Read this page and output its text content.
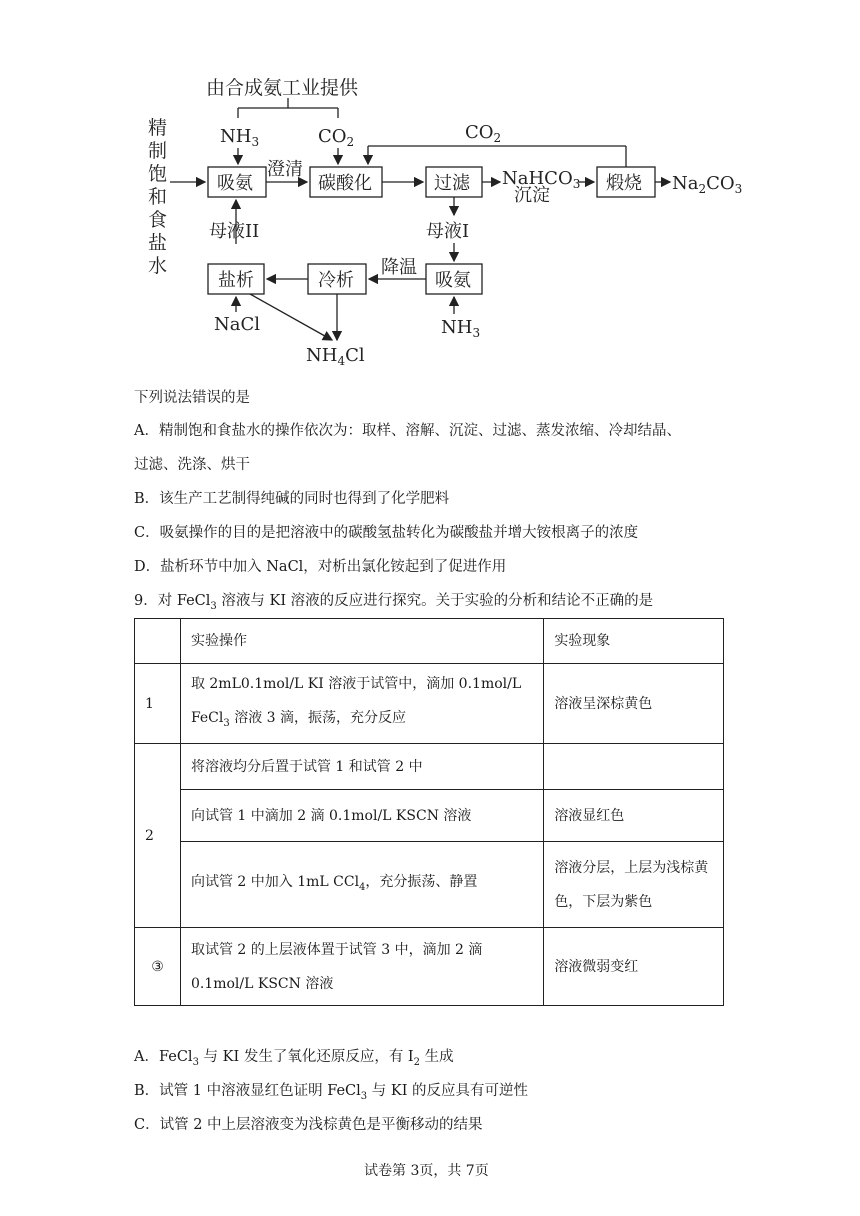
由合成氨工业提供
精
制
饱
和
食
盐
水
$NH_3$	$CO_2$	$CO_2$
吸氨
澄清
碳酸化	过滤 NaHCO$_3$
沉淀
煅烧 $Na_2CO_3$
母液II	母液I
降温
盐析	冷析	吸氨
NaCl	$NH_3$
$NH_4Cl$
下列说法错误的是
A．精制饱和食盐水的操作依次为：取样、溶解、沉淀、过滤、蒸发浓缩、冷却结晶、
过滤、洗涤、烘干
B．该生产工艺制得纯碱的同时也得到了化学肥料
C．吸氨操作的目的是把溶液中的碳酸氢盐转化为碳酸盐并增大铵根离子的浓度
D．盐析环节中加入 NaCl，对析出氯化铵起到了促进作用
9．对 FeCl$_3$ 溶液与 KI 溶液的反应进行探究。关于实验的分析和结论不正确的是
	实验操作	实验现象
1	取 2mL0.1mol/L KI 溶液于试管中，滴加 0.1mol/L
FeCl$_3$ 溶液 3 滴，振荡，充分反应	溶液呈深棕黄色
2	将溶液均分后置于试管 1 和试管 2 中	
	向试管 1 中滴加 2 滴 0.1mol/L KSCN 溶液	溶液显红色
	向试管 2 中加入 1mL CCl$_4$，充分振荡、静置	溶液分层，上层为浅棕黄
色，下层为紫色

③	取试管 2 的上层液体置于试管 3 中，滴加 2 滴
0.1mol/L KSCN 溶液	溶液微弱变红
A．FeCl$_3$ 与 KI 发生了氧化还原反应，有 $I_2$ 生成
B．试管 1 中溶液显红色证明 FeCl$_3$ 与 KI 的反应具有可逆性
C．试管 2 中上层溶液变为浅棕黄色是平衡移动的结果
试卷第 3页，共 7页
